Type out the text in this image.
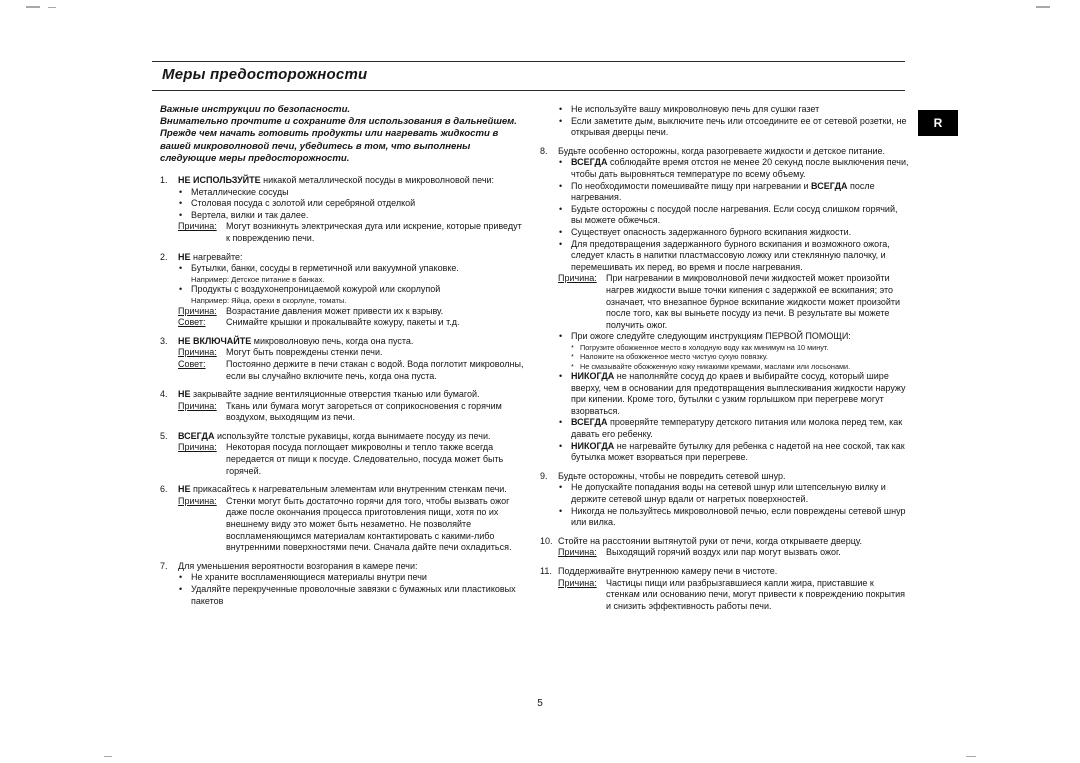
Меры предосторожности
R
5

Важные инструкции по безопасности.

Внимательно прочтите и сохраните для использования в дальнейшем.

Прежде чем начать готовить продукты или нагревать жидкости в вашей микроволновой печи, убедитесь в том, что выполнены следующие меры предосторожности.

1.	НЕ ИСПОЛЬЗУЙТЕ никакой металлической посуды в микроволновой печи:
•
Металлические сосуды
•
Столовая посуда с золотой или серебряной отделкой
•
Вертела, вилки и так далее.
Причина:	Могут возникнуть электрическая дуга или искрение, которые приведут к повреждению печи.
2.	НЕ нагревайте:
•
Бутылки, банки, сосуды в герметичной или вакуумной упаковке.
Например: Детское питание в банках.
•
Продукты с воздухонепроницаемой кожурой или скорлупой
Например: Яйца, орехи в скорлупе, томаты.
Причина:	Возрастание давления может привести их к взрыву.
Совет:	Снимайте крышки и прокалывайте кожуру, пакеты и т.д.
3.	НЕ ВКЛЮЧАЙТЕ микроволновую печь, когда она пуста.
Причина:	Могут быть повреждены стенки печи.
Совет:	Постоянно держите в печи стакан с водой. Вода поглотит микроволны, если вы случайно включите печь, когда она пуста.
4.	НЕ закрывайте задние вентиляционные отверстия тканью или бумагой.
Причина:	Ткань или бумага могут загореться от соприкосновения с горячим воздухом, выходящим из печи.
5.	ВСЕГДА используйте толстые рукавицы, когда вынимаете посуду из печи.
Причина:	Некоторая посуда поглощает микроволны и тепло также всегда передается от пищи к посуде. Следовательно, посуда может быть горячей.
6.	НЕ прикасайтесь к нагревательным элементам или внутренним стенкам печи.
Причина:	Стенки могут быть достаточно горячи для того, чтобы вызвать ожог даже после окончания процесса приготовления пищи, хотя по их внешнему виду это может быть незаметно. Не позволяйте воспламеняющимся материалам контактировать с какими-либо внутренними поверхностями печи. Сначала дайте печи охладиться.
7.	Для уменьшения вероятности возгорания в камере печи:
•
Не храните воспламеняющиеся материалы внутри печи
•
Удаляйте перекрученные проволочные завязки с бумажных или пластиковых пакетов
•
Не используйте вашу микроволновую печь для сушки газет
•
Если заметите дым, выключите печь или отсоедините ее от сетевой розетки, не открывая дверцы печи.
8.	Будьте особенно осторожны, когда разогреваете жидкости и детское питание.
•
ВСЕГДА соблюдайте время отстоя не менее 20 секунд после выключения печи, чтобы дать выровняться температуре по всему объему.
•
По необходимости помешивайте пищу при нагревании и ВСЕГДА после нагревания.
•
Будьте осторожны с посудой после нагревания. Если сосуд слишком горячий, вы можете обжечься.
•
Существует опасность задержанного бурного вскипания жидкости.
•
Для предотвращения задержанного бурного вскипания и возможного ожога, следует класть в напитки пластмассовую ложку или стеклянную палочку, и перемешивать их перед, во время и после нагревания.
Причина:	При нагревании в микроволновой печи жидкостей может произойти нагрев жидкости выше точки кипения с задержкой ее вскипания; это означает, что внезапное бурное вскипание жидкости может произойти после того, как вы выньете посуду из печи. В результате вы можете получить ожог.
•
При ожоге следуйте следующим инструкциям ПЕРВОЙ ПОМОЩИ:
*
Погрузите обожженное место в холодную воду как минимум на 10 минут.
*
Наложите на обожженное место чистую сухую повязку.
*
Не смазывайте обожженную кожу никакими кремами, маслами или лосьонами.
•
НИКОГДА не наполняйте сосуд до краев и выбирайте сосуд, который шире вверху, чем в основании для предотвращения выплескивания жидкости наружу при кипении. Кроме того, бутылки с узким горлышком при перегреве могут взорваться.
•
ВСЕГДА проверяйте температуру детского питания или молока перед тем, как давать его ребенку.
•
НИКОГДА не нагревайте бутылку для ребенка с надетой на нее соской, так как бутылка может взорваться при перегреве.
9.	Будьте осторожны, чтобы не повредить сетевой шнур.
•
Не допускайте попадания воды на сетевой шнур или штепсельную вилку и держите сетевой шнур вдали от нагретых поверхностей.
•
Никогда не пользуйтесь микроволновой печью, если повреждены сетевой шнур или вилка.
10. Стойте на расстоянии вытянутой руки от печи, когда открываете дверцу.
Причина:	Выходящий горячий воздух или пар могут вызвать ожог.
11. Поддерживайте внутреннюю камеру печи в чистоте.
Причина:	Частицы пищи или разбрызгавшиеся капли жира, приставшие к стенкам или основанию печи, могут привести к повреждению покрытия и снизить эффективность работы печи.
